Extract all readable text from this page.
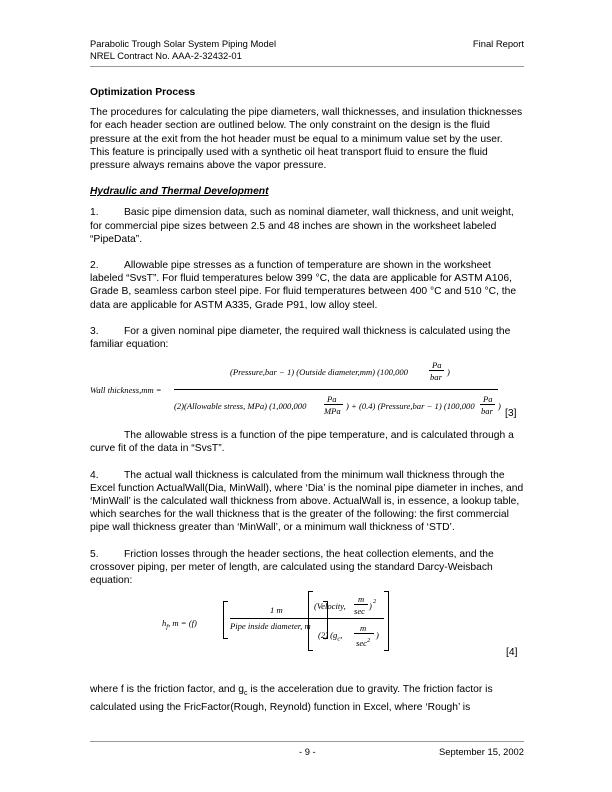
Parabolic Trough Solar System Piping Model
NREL Contract No. AAA-2-32432-01
Final Report
Optimization Process

The procedures for calculating the pipe diameters, wall thicknesses, and insulation thicknesses for each header section are outlined below. The only constraint on the design is the fluid pressure at the exit from the hot header must be equal to a minimum value set by the user. This feature is principally used with a synthetic oil heat transport fluid to ensure the fluid pressure always remains above the vapor pressure.

Hydraulic and Thermal Development

1. Basic pipe dimension data, such as nominal diameter, wall thickness, and unit weight, for commercial pipe sizes between 2.5 and 48 inches are shown in the worksheet labeled “PipeData”.

2. Allowable pipe stresses as a function of temperature are shown in the worksheet labeled “SvsT”. For fluid temperatures below 399 °C, the data are applicable for ASTM A106, Grade B, seamless carbon steel pipe. For fluid temperatures between 400 °C and 510 °C, the data are applicable for ASTM A335, Grade P91, low alloy steel.

3. For a given nominal pipe diameter, the required wall thickness is calculated using the familiar equation:

Wall thickness,mm =
(Pressure,bar − 1) (Outside diameter,mm) (100,000
Pa
bar )
(2)(Allowable stress, MPa) (1,000,000
Pa
MPa ) + (0.4) (Pressure,bar − 1) (100,000
Pa
bar )
[3]

The allowable stress is a function of the pipe temperature, and is calculated through a curve fit of the data in “SvsT”.

4. The actual wall thickness is calculated from the minimum wall thickness through the Excel function ActualWall(Dia, MinWall), where ‘Dia’ is the nominal pipe diameter in inches, and ‘MinWall’ is the calculated wall thickness from above. ActualWall is, in essence, a lookup table, which searches for the wall thickness that is the greater of the following: the first commercial pipe wall thickness greater than ‘MinWall’, or a minimum wall thickness of ‘STD’.

5. Friction losses through the header sections, the heat collection elements, and the crossover piping, per meter of length, are calculated using the standard Darcy-Weisbach equation:

$h_f$, m = (f)
1 m
Pipe inside diameter, m
(Velocity,
m
sec ) 2
(2) ($g_c$,
m
$\sec^2$
)
[4]

where f is the friction factor, and $g_c$ is the acceleration due to gravity. The friction factor is calculated using the FricFactor(Rough, Reynold) function in Excel, where ‘Rough’ is

- 9 -	September 15, 2002
